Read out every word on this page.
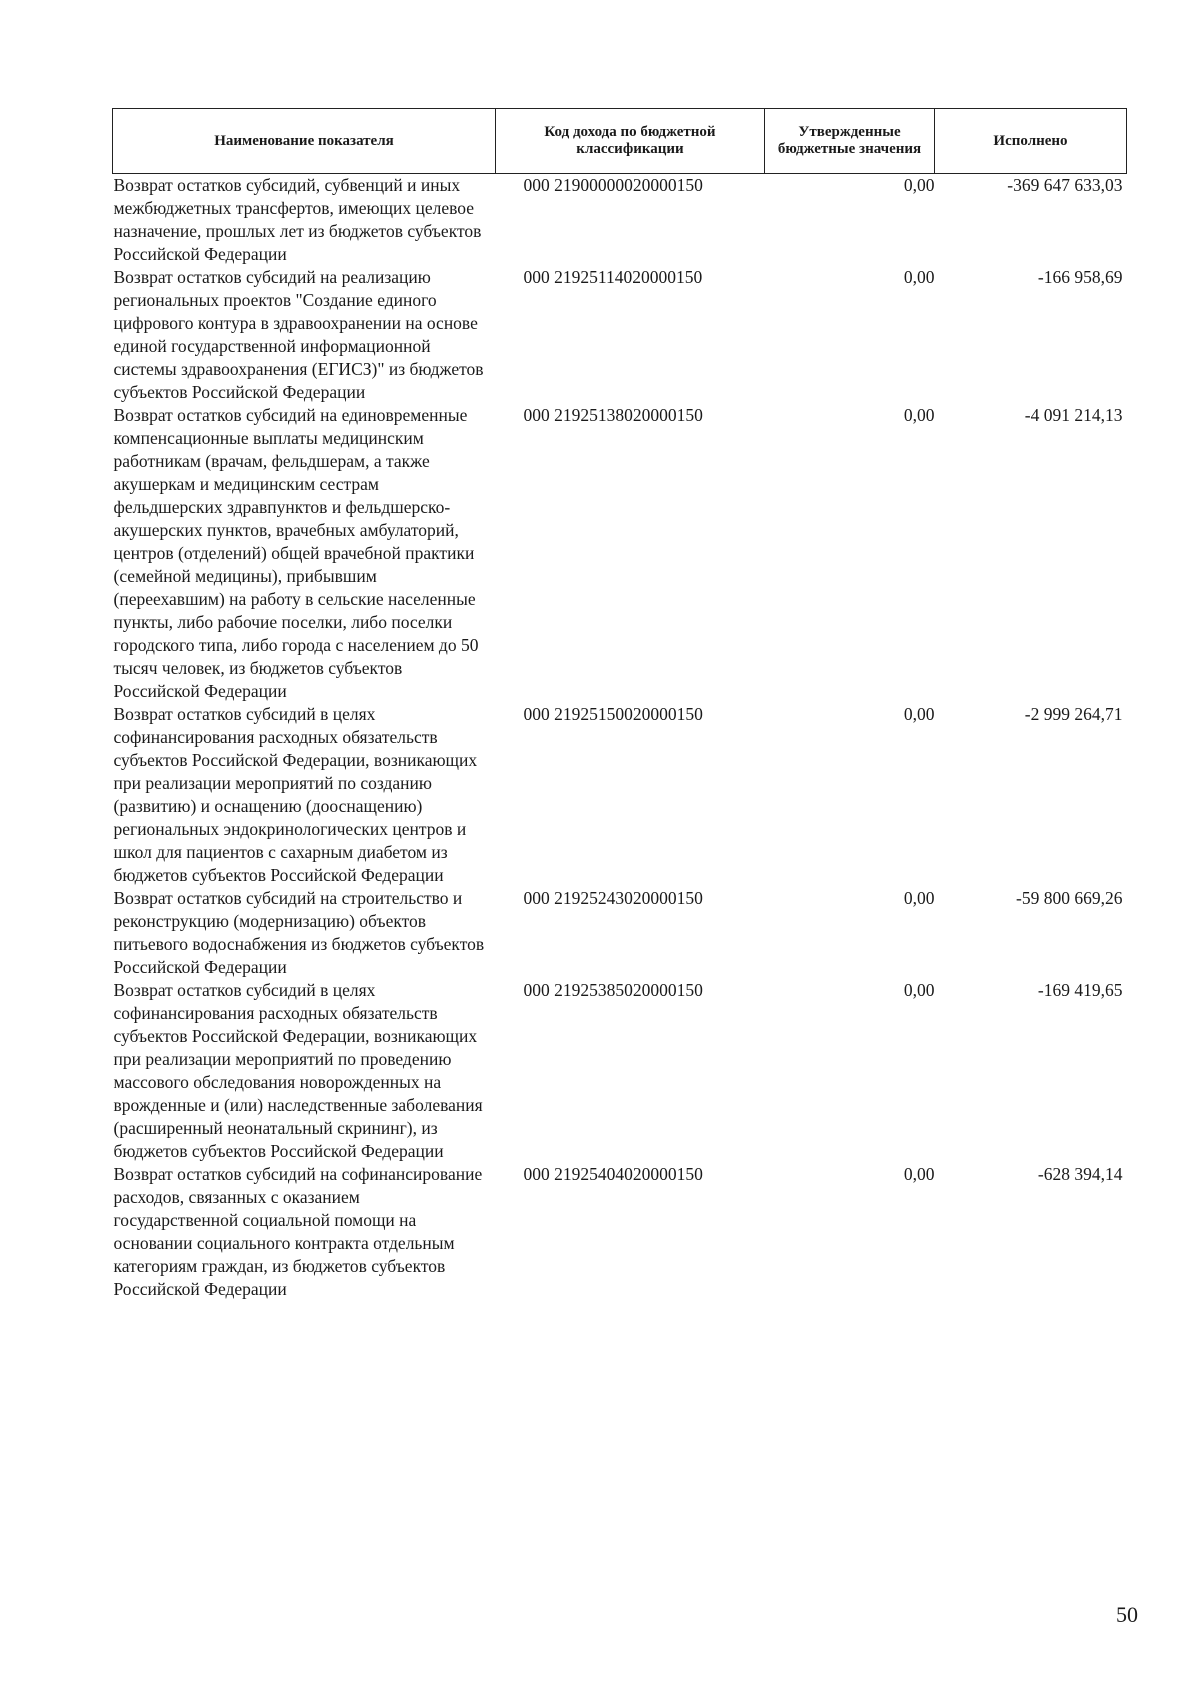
Наименование показателя	Код дохода по бюджетной классификации	Утвержденные бюджетные значения	Исполнено
Возврат остатков субсидий, субвенций и иных межбюджетных трансфертов, имеющих целевое назначение, прошлых лет из бюджетов субъектов Российской Федерации	000 21900000020000150	0,00	-369 647 633,03
Возврат остатков субсидий на реализацию региональных проектов "Создание единого цифрового контура в здравоохранении на основе единой государственной информационной системы здравоохранения (ЕГИСЗ)" из бюджетов субъектов Российской Федерации	000 21925114020000150	0,00	-166 958,69
Возврат остатков субсидий на единовременные компенсационные выплаты медицинским работникам (врачам, фельдшерам, а также акушеркам и медицинским сестрам фельдшерских здравпунктов и фельдшерско-акушерских пунктов, врачебных амбулаторий, центров (отделений) общей врачебной практики (семейной медицины), прибывшим (переехавшим) на работу в сельские населенные пункты, либо рабочие поселки, либо поселки городского типа, либо города с населением до 50 тысяч человек, из бюджетов субъектов Российской Федерации	000 21925138020000150	0,00	-4 091 214,13
Возврат остатков субсидий в целях софинансирования расходных обязательств субъектов Российской Федерации, возникающих при реализации мероприятий по созданию (развитию) и оснащению (дооснащению) региональных эндокринологических центров и школ для пациентов с сахарным диабетом из бюджетов субъектов Российской Федерации	000 21925150020000150	0,00	-2 999 264,71
Возврат остатков субсидий на строительство и реконструкцию (модернизацию) объектов питьевого водоснабжения из бюджетов субъектов Российской Федерации	000 21925243020000150	0,00	-59 800 669,26
Возврат остатков субсидий в целях софинансирования расходных обязательств субъектов Российской Федерации, возникающих при реализации мероприятий по проведению массового обследования новорожденных на врожденные и (или) наследственные заболевания (расширенный неонатальный скрининг), из бюджетов субъектов Российской Федерации	000 21925385020000150	0,00	-169 419,65
Возврат остатков субсидий на софинансирование расходов, связанных с оказанием государственной социальной помощи на основании социального контракта отдельным категориям граждан, из бюджетов субъектов Российской Федерации	000 21925404020000150	0,00	-628 394,14
50
